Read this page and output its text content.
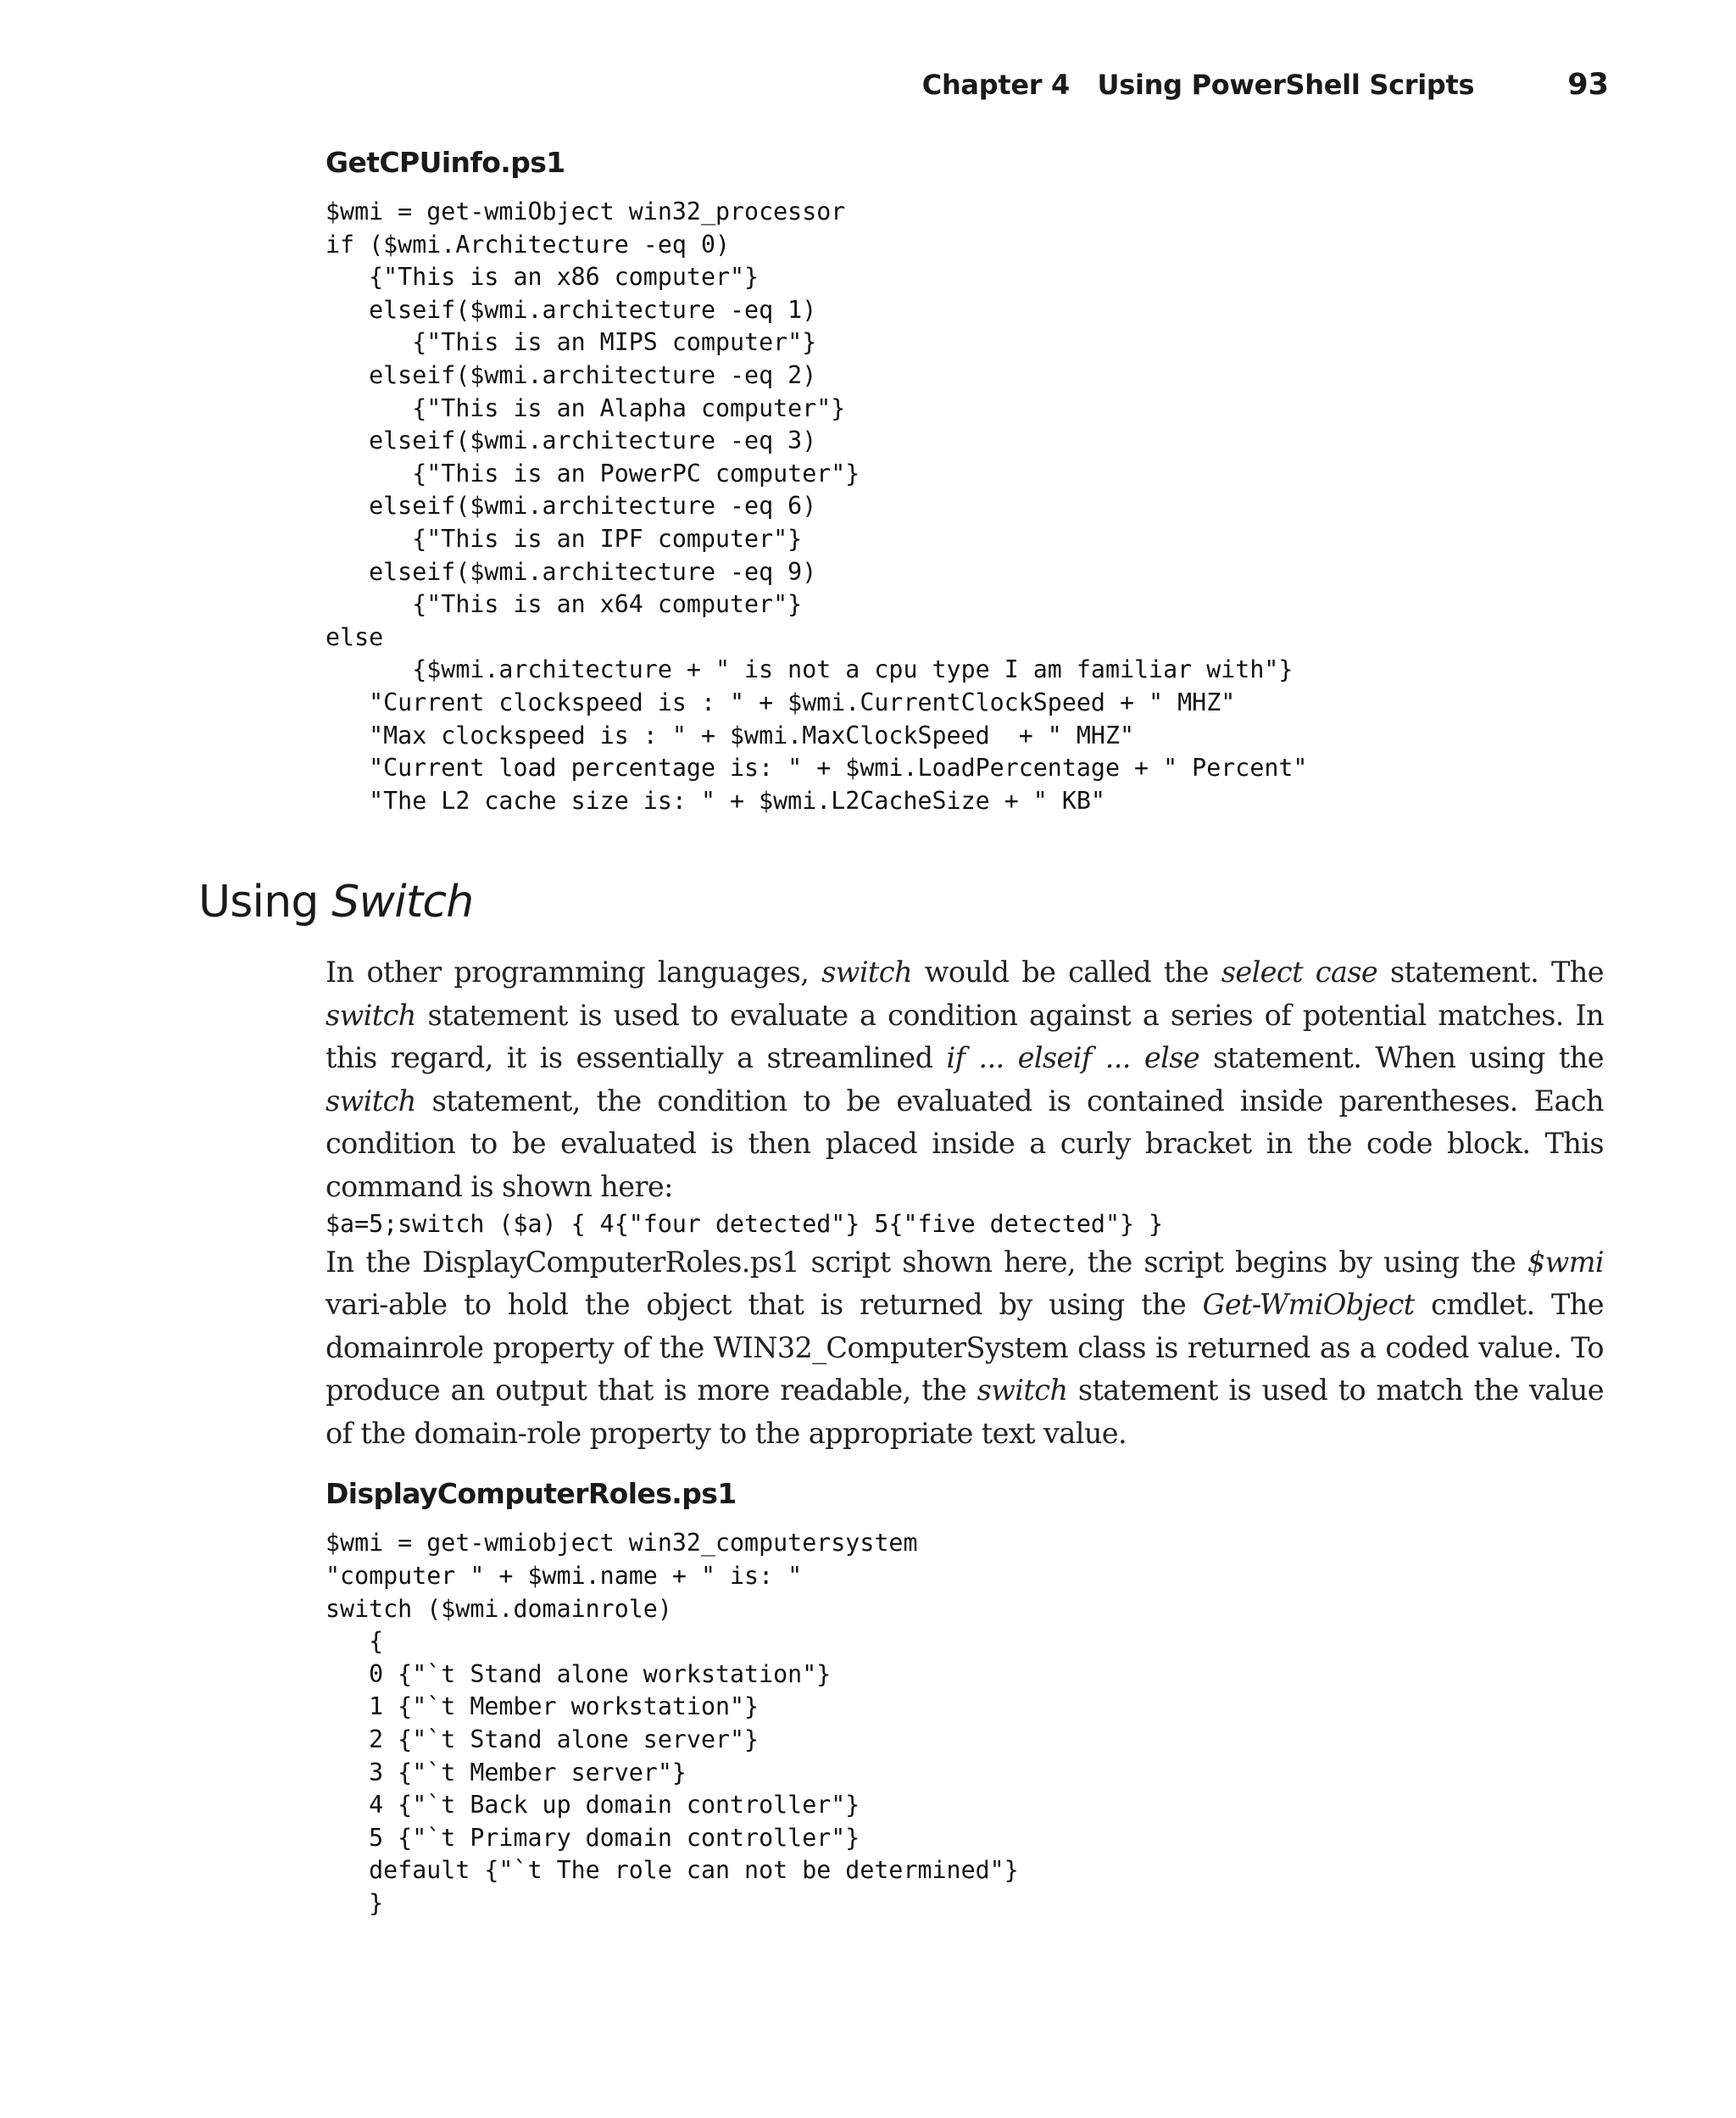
Chapter 4   Using PowerShell Scripts	93
GetCPUinfo.ps1
$wmi = get-wmiObject win32_processor
if ($wmi.Architecture -eq 0)
{"This is an x86 computer"}
elseif($wmi.architecture -eq 1)
{"This is an MIPS computer"}
elseif($wmi.architecture -eq 2)
{"This is an Alapha computer"}
elseif($wmi.architecture -eq 3)
{"This is an PowerPC computer"}
elseif($wmi.architecture -eq 6)
{"This is an IPF computer"}
elseif($wmi.architecture -eq 9)
{"This is an x64 computer"}
else
{$wmi.architecture + " is not a cpu type I am familiar with"}
"Current clockspeed is : " + $wmi.CurrentClockSpeed + " MHZ"
"Max clockspeed is : " + $wmi.MaxClockSpeed  + " MHZ"
"Current load percentage is: " + $wmi.LoadPercentage + " Percent"
"The L2 cache size is: " + $wmi.L2CacheSize + " KB"
Using Switch

In other programming languages, switch would be called the select case statement. The switch statement is used to evaluate a condition against a series of potential matches. In this regard, it is essentially a streamlined if ... elseif ... else statement. When using the switch statement, the condition to be evaluated is contained inside parentheses. Each condition to be evaluated is then placed inside a curly bracket in the code block. This command is shown here:

$a=5;switch ($a) { 4{"four detected"} 5{"five detected"} }

In the DisplayComputerRoles.ps1 script shown here, the script begins by using the $wmi vari-able to hold the object that is returned by using the Get-WmiObject cmdlet. The domainrole property of the WIN32_ComputerSystem class is returned as a coded value. To produce an output that is more readable, the switch statement is used to match the value of the domain-role property to the appropriate text value.

DisplayComputerRoles.ps1
$wmi = get-wmiobject win32_computersystem
"computer " + $wmi.name + " is: "
switch ($wmi.domainrole)
{
0 {"`t Stand alone workstation"}
1 {"`t Member workstation"}
2 {"`t Stand alone server"}
3 {"`t Member server"}
4 {"`t Back up domain controller"}
5 {"`t Primary domain controller"}
default {"`t The role can not be determined"}
}
